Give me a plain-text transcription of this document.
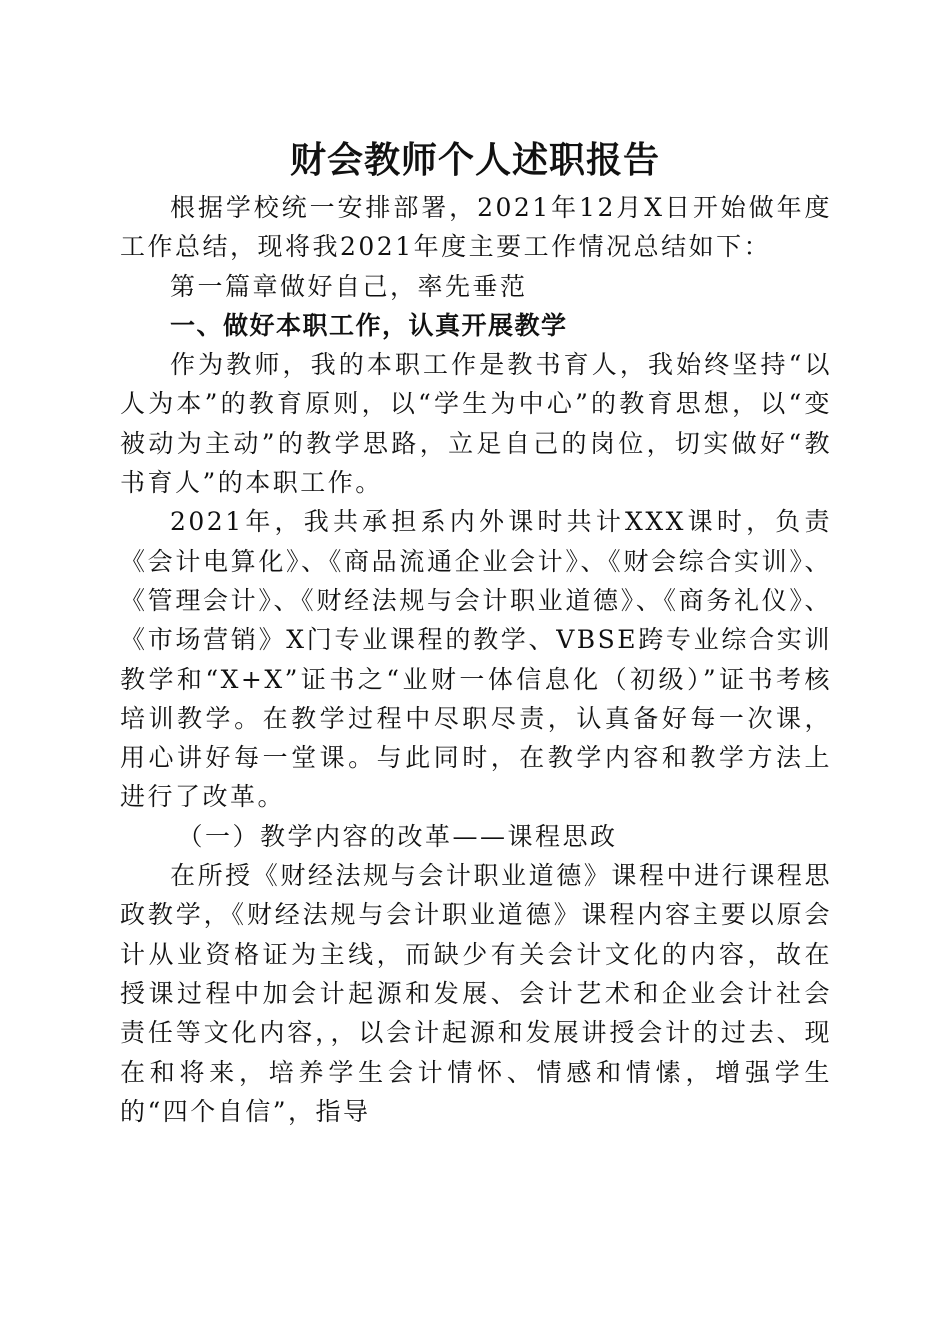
财会教师个人述职报告

根据学校统一安排部署，2021年12月X日开始做年度工作总结，现将我2021年度主要工作情况总结如下：

第一篇章做好自己，率先垂范

一、做好本职工作，认真开展教学

作为教师，我的本职工作是教书育人，我始终坚持“以人为本”的教育原则，以“学生为中心”的教育思想，以“变被动为主动”的教学思路，立足自己的岗位，切实做好“教书育人”的本职工作。

2021年，我共承担系内外课时共计XXX课时，负责《会计电算化》、《商品流通企业会计》、《财会综合实训》、《管理会计》、《财经法规与会计职业道德》、《商务礼仪》、《市场营销》X门专业课程的教学、VBSE跨专业综合实训教学和“X+X”证书之“业财一体信息化（初级）”证书考核培训教学。在教学过程中尽职尽责，认真备好每一次课，用心讲好每一堂课。与此同时，在教学内容和教学方法上进行了改革。

（一）教学内容的改革——课程思政

在所授《财经法规与会计职业道德》课程中进行课程思政教学，《财经法规与会计职业道德》课程内容主要以原会计从业资格证为主线，而缺少有关会计文化的内容，故在授课过程中加会计起源和发展、会计艺术和企业会计社会责任等文化内容，，以会计起源和发展讲授会计的过去、现在和将来，培养学生会计情怀、情感和情愫，增强学生的“四个自信”，指导
